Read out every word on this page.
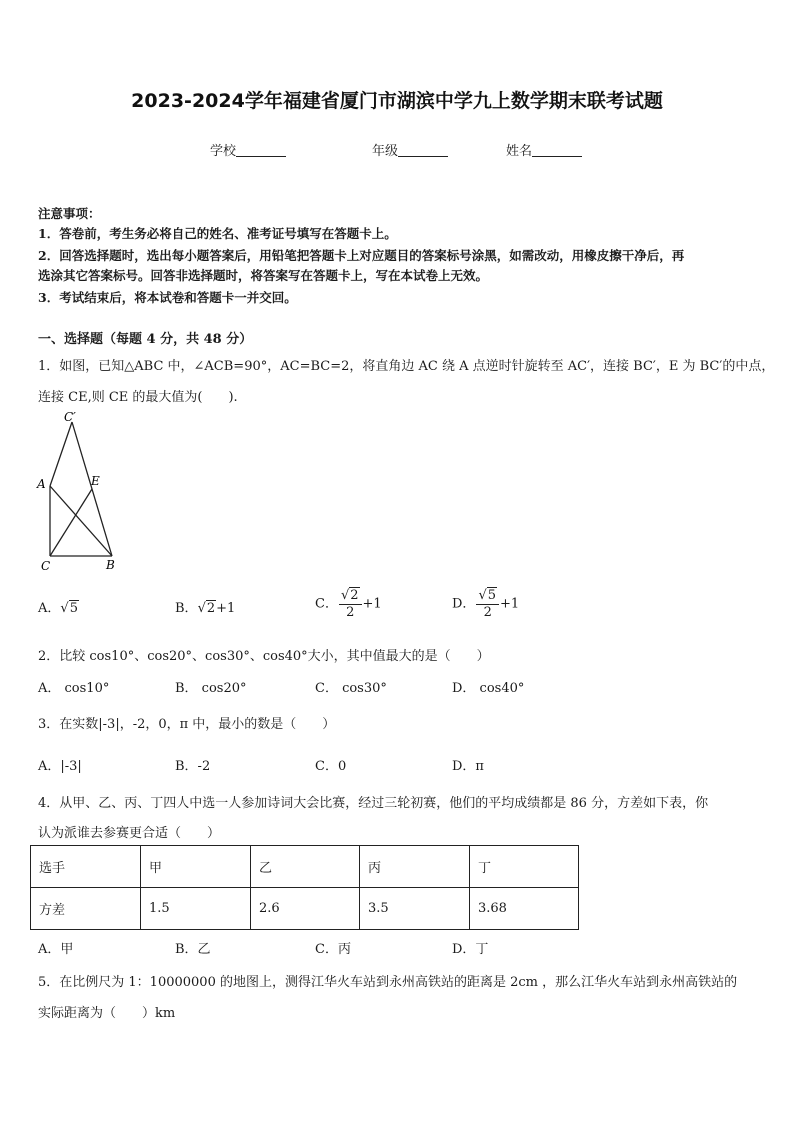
2023-2024学年福建省厦门市湖滨中学九上数学期末联考试题
学校	年级	姓名
注意事项：
1．答卷前，考生务必将自己的姓名、准考证号填写在答题卡上。
2．回答选择题时，选出每小题答案后，用铅笔把答题卡上对应题目的答案标号涂黑，如需改动，用橡皮擦干净后，再
选涂其它答案标号。回答非选择题时，将答案写在答题卡上，写在本试卷上无效。
3．考试结束后，将本试卷和答题卡一并交回。
一、选择题（每题 4 分，共 48 分）
1．如图，已知△ABC 中，∠ACB=90°，AC=BC=2，将直角边 AC 绕 A 点逆时针旋转至 AC′，连接 BC′，E 为 BC′的中点，
连接 CE,则 CE 的最大值为(　　).
C′
A	E
C	B
A．√5	B．√2+1	C． $\frac{√2}{2} +1$	D． $\frac{√5}{2} +1$
2．比较 cos10°、cos20°、cos30°、cos40°大小，其中值最大的是（　　）
A． cos10°	B． cos20°	C． cos30°	D． cos40°
3．在实数|-3|，-2，0，π 中，最小的数是（　　）
A．|-3|	B．-2	C．0	D．π
4．从甲、乙、丙、丁四人中选一人参加诗词大会比赛，经过三轮初赛，他们的平均成绩都是 86 分，方差如下表，你
认为派谁去参赛更合适（　　）
选手	甲	乙	丙	丁
方差	1.5	2.6	3.5	3.68
A．甲	B．乙	C．丙	D．丁
5．在比例尺为 1：10000000 的地图上，测得江华火车站到永州高铁站的距离是 2cm ，那么江华火车站到永州高铁站的
实际距离为（　　）km
